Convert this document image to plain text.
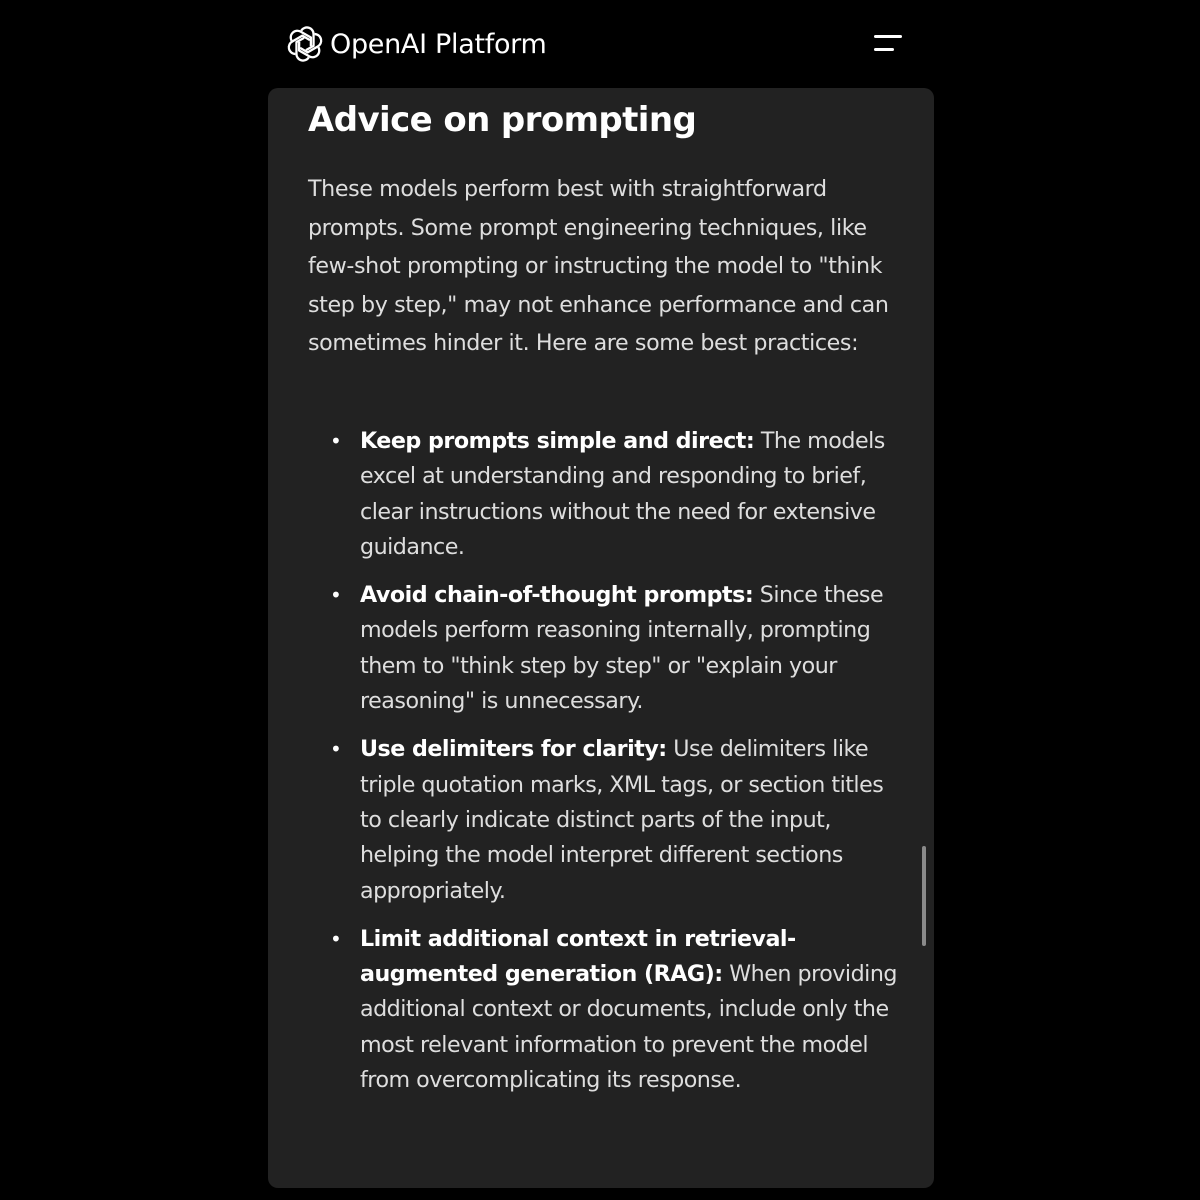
OpenAI Platform
Advice on prompting

These models perform best with straightforward prompts. Some prompt engineering techniques, like few-shot prompting or instructing the model to "think step by step," may not enhance performance and can sometimes hinder it. Here are some best practices:

• Keep prompts simple and direct: The models excel at understanding and responding to brief, clear instructions without the need for extensive guidance.
• Avoid chain-of-thought prompts: Since these models perform reasoning internally, prompting them to "think step by step" or "explain your reasoning" is unnecessary.
• Use delimiters for clarity: Use delimiters like triple quotation marks, XML tags, or section titles to clearly indicate distinct parts of the input, helping the model interpret different sections appropriately.
• Limit additional context in retrieval-augmented generation (RAG): When providing additional context or documents, include only the most relevant information to prevent the model from overcomplicating its response.
